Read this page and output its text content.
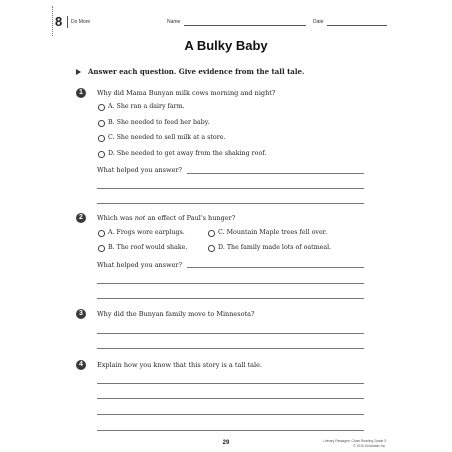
8 Do More	Name	Date
A Bulky Baby
Answer each question. Give evidence from the tall tale.
1	Why did Mama Bunyan milk cows morning and night?
A. She ran a dairy farm.
B. She needed to feed her baby.
C. She needed to sell milk at a store.
D. She needed to get away from the shaking roof.
What helped you answer?
2	Which was not an effect of Paul's hunger?
A. Frogs wore earplugs.	C. Mountain Maple trees fell over.
B. The roof would shake.	D. The family made lots of oatmeal.
What helped you answer?
3	Why did the Bunyan family move to Minnesota?
4	Explain how you know that this story is a tall tale.
29	Literary Passages: Close Reading Grade 3
© 2016 Scholastic Inc.
